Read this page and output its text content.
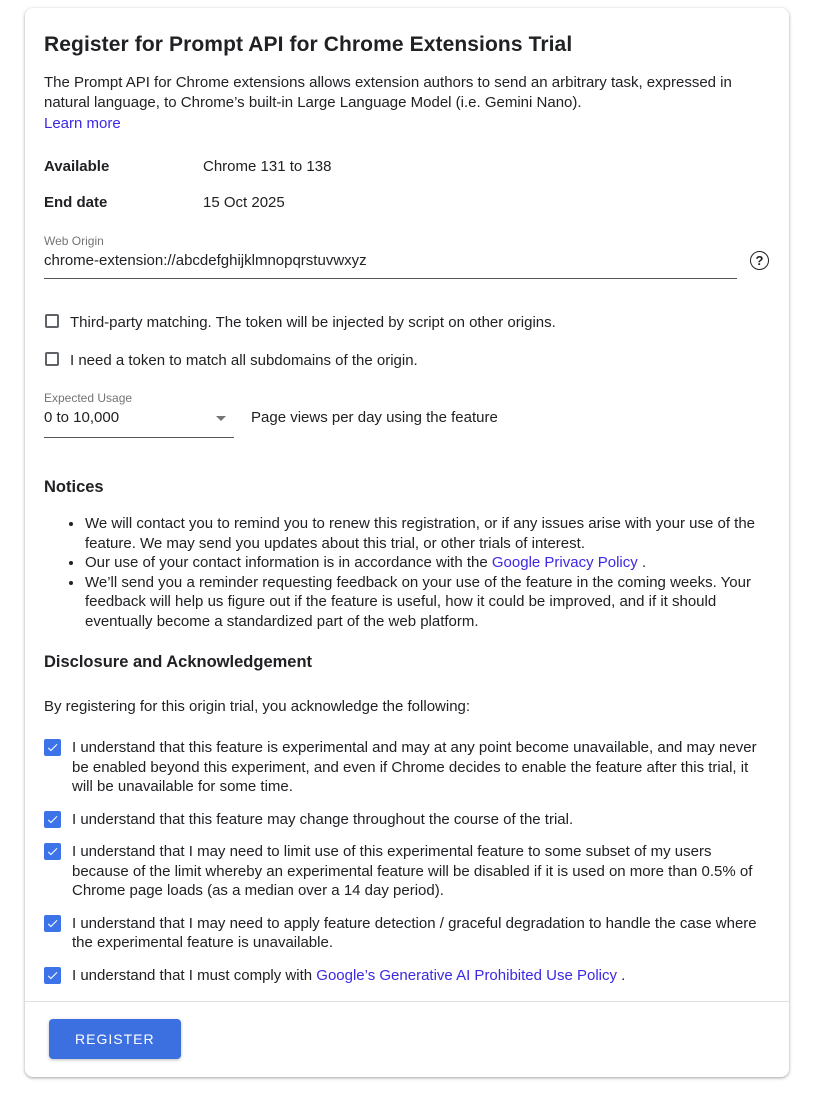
Register for Prompt API for Chrome Extensions Trial

The Prompt API for Chrome extensions allows extension authors to send an arbitrary task, expressed in natural language, to Chrome’s built-in Large Language Model (i.e. Gemini Nano).

Learn more
Available	Chrome 131 to 138
End date	15 Oct 2025
Web Origin
chrome-extension://abcdefghijklmnopqrstuvwxyz
?
Third-party matching. The token will be injected by script on other origins.
I need a token to match all subdomains of the origin.
Expected Usage
0 to 10,000	Page views per day using the feature
Notices
• We will contact you to remind you to renew this registration, or if any issues arise with your use of the feature. We may send you updates about this trial, or other trials of interest.
• Our use of your contact information is in accordance with the Google Privacy Policy .
• We’ll send you a reminder requesting feedback on your use of the feature in the coming weeks. Your feedback will help us figure out if the feature is useful, how it could be improved, and if it should eventually become a standardized part of the web platform.
Disclosure and Acknowledgement

By registering for this origin trial, you acknowledge the following:

I understand that this feature is experimental and may at any point become unavailable, and may never be enabled beyond this experiment, and even if Chrome decides to enable the feature after this trial, it will be unavailable for some time.
I understand that this feature may change throughout the course of the trial.
I understand that I may need to limit use of this experimental feature to some subset of my users because of the limit whereby an experimental feature will be disabled if it is used on more than 0.5% of Chrome page loads (as a median over a 14 day period).
I understand that I may need to apply feature detection / graceful degradation to handle the case where the experimental feature is unavailable.
I understand that I must comply with Google’s Generative AI Prohibited Use Policy .
REGISTER
